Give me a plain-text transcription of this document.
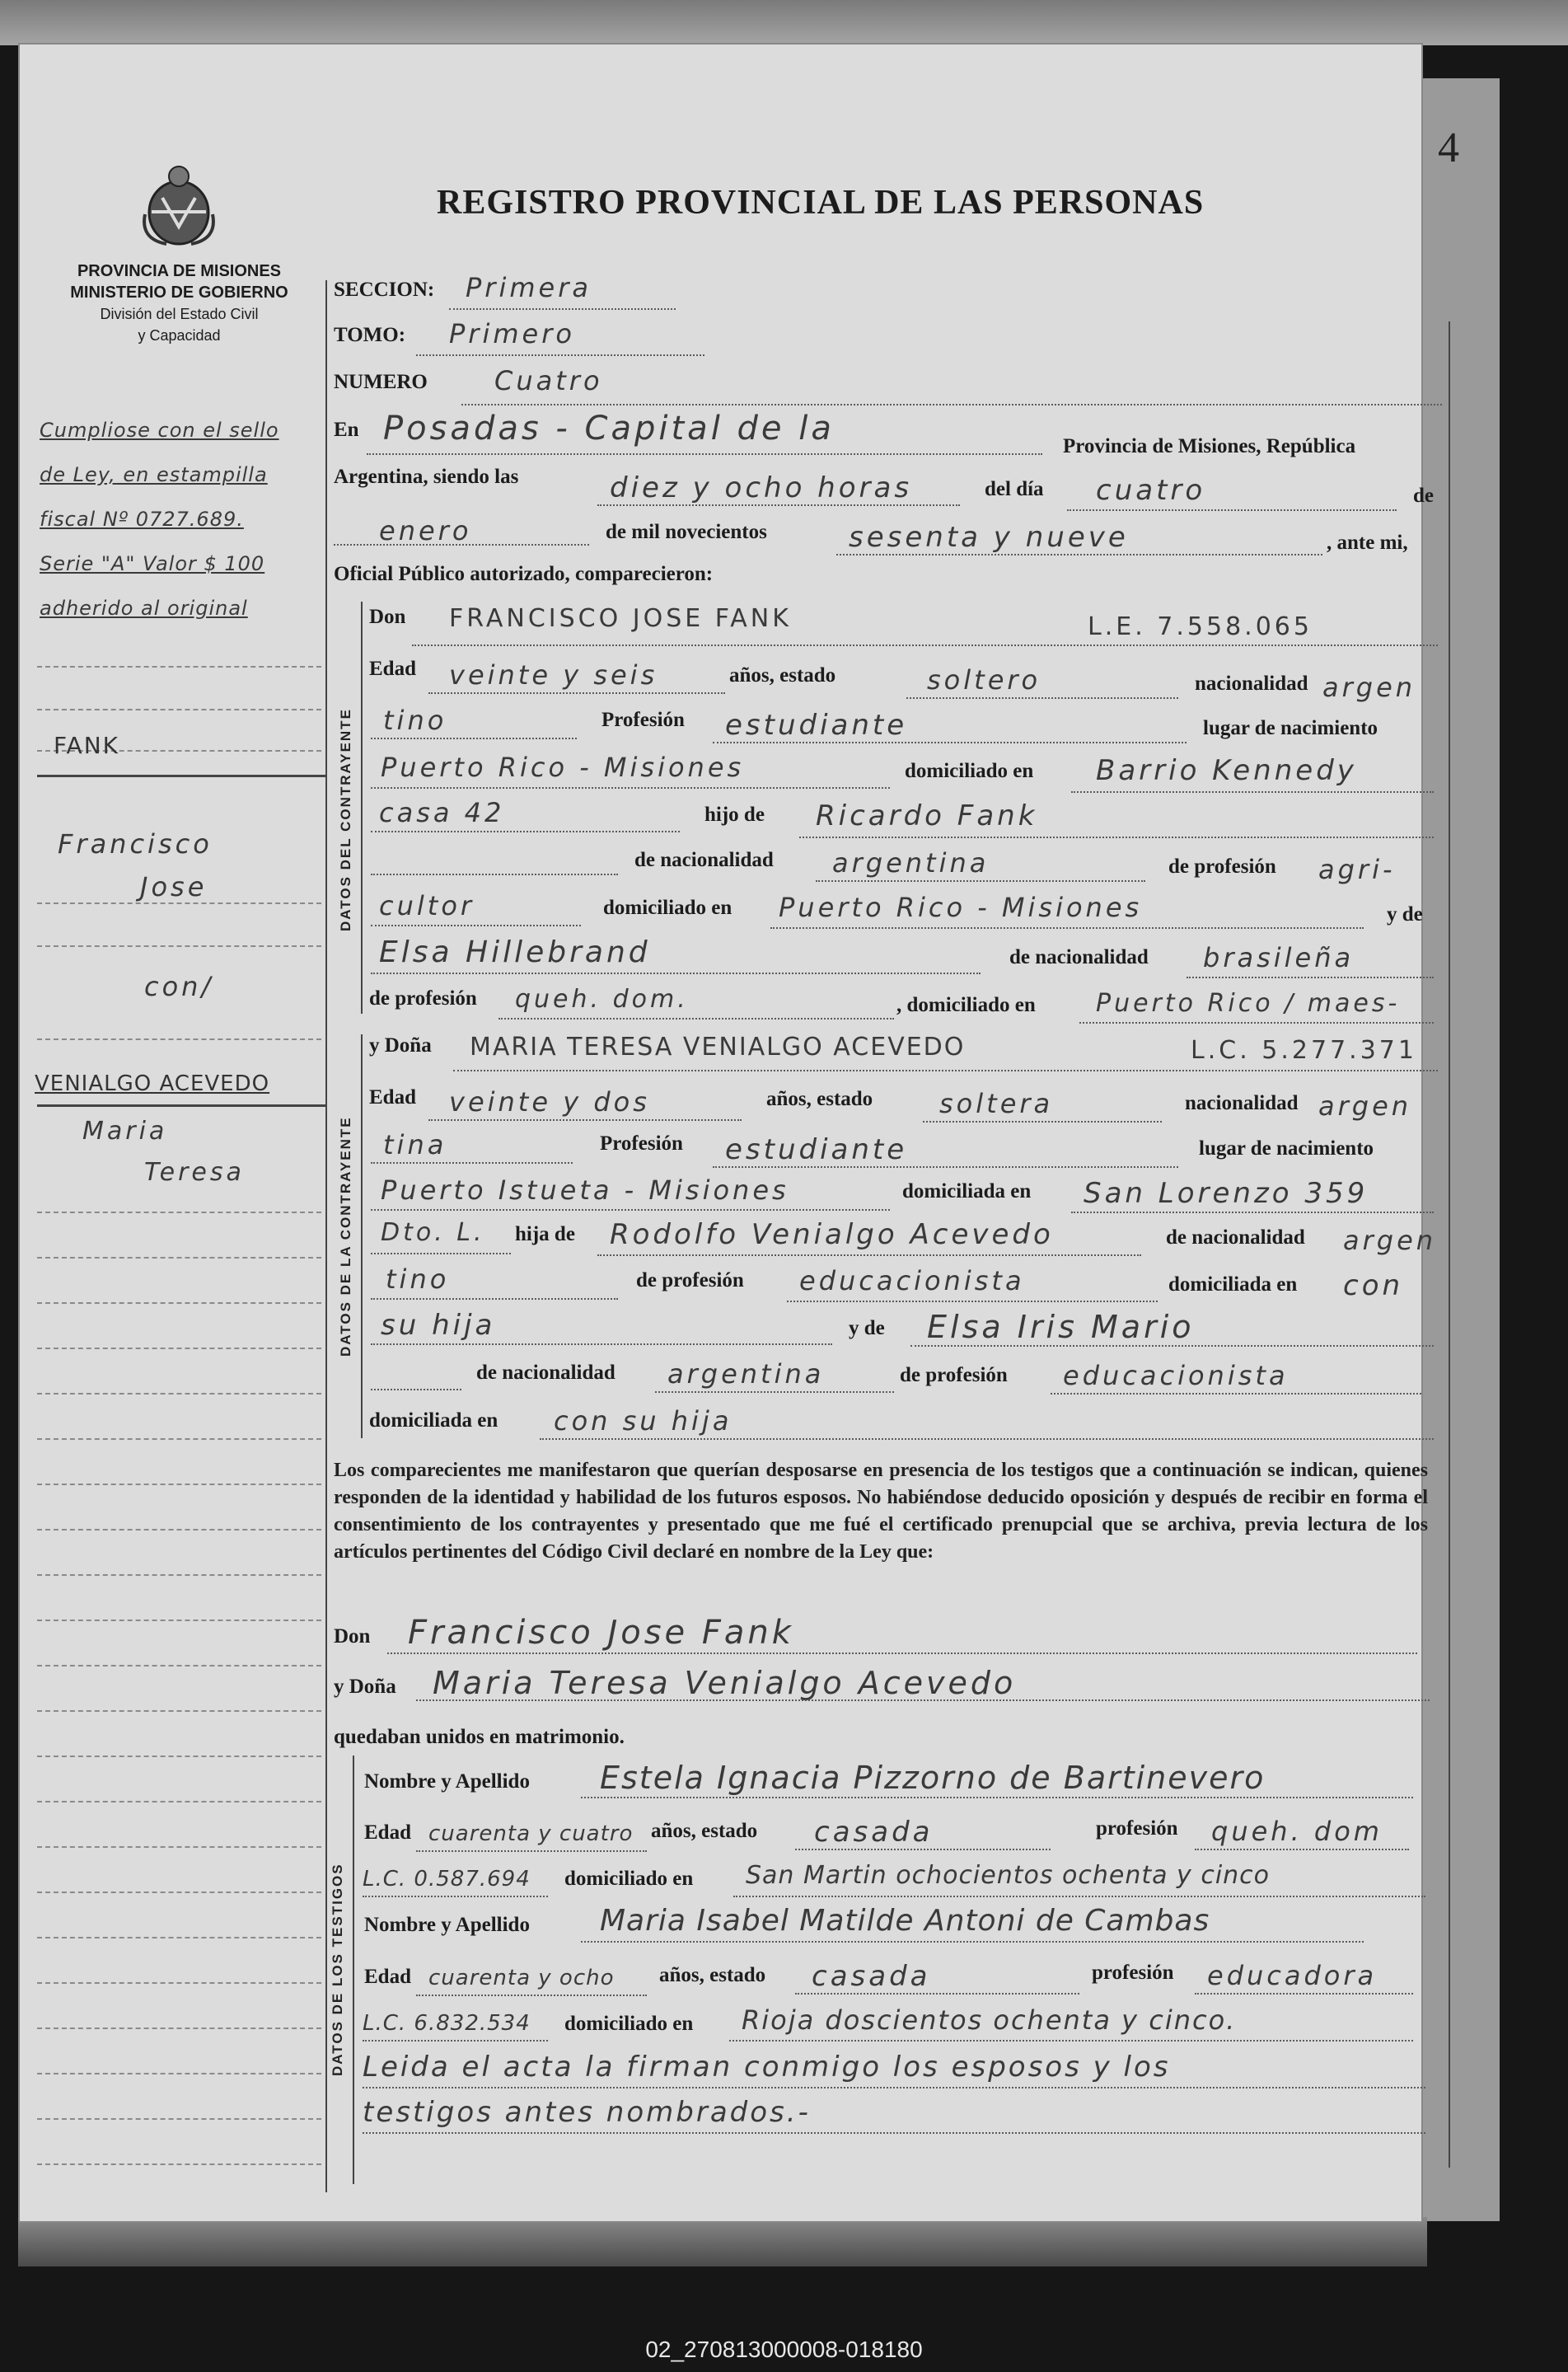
4
REGISTRO PROVINCIAL DE LAS PERSONAS
PROVINCIA DE MISIONES
MINISTERIO DE GOBIERNO
División del Estado Civil
y Capacidad
Cumpliose con el sello
de Ley, en estampilla
fiscal Nº 0727.689.
Serie "A" Valor $ 100
adherido al original
FANK
Francisco
Jose
con/
VENIALGO ACEVEDO
Maria
Teresa
SECCION: Primera
TOMO: Primero
NUMERO	Cuatro
En Posadas - Capital de la	Provincia de Misiones, República
Argentina, siendo las	diez y ocho horas	del día cuatro	de
enero	de mil novecientos	sesenta y nueve	, ante mi,
Oficial Público autorizado, comparecieron:
DATOS DEL CONTRAYENTE
Don FRANCISCO JOSE FANK	L.E. 7.558.065
Edad veinte y seis	años, estado	soltero	nacionalidad argen
tino	Profesión estudiante	lugar de nacimiento
Puerto Rico - Misiones	domiciliado en Barrio Kennedy
casa 42	hijo de Ricardo Fank
de nacionalidad argentina	de profesión agri-
cultor	domiciliado en Puerto Rico - Misiones	y de
Elsa Hillebrand	de nacionalidad brasileña
de profesión queh. dom.	, domiciliado en Puerto Rico / maes-
DATOS DE LA CONTRAYENTE
y Doña MARIA TERESA VENIALGO ACEVEDO	L.C. 5.277.371
Edad veinte y dos	años, estado	soltera	nacionalidad argen
tina	Profesión estudiante	lugar de nacimiento
Puerto Istueta - Misiones	domiciliada en San Lorenzo 359
Dto. L. hija de Rodolfo Venialgo Acevedo	de nacionalidad argen
tino	de profesión educacionista	domiciliada en con
su hija	y de Elsa Iris Mario
de nacionalidad argentina	de profesión educacionista
domiciliada en con su hija
Los comparecientes me manifestaron que querían desposarse en presencia de los testigos que a continuación se indican, quienes responden de la identidad y habilidad de los futuros esposos. No habiéndose deducido oposición y después de recibir en forma el consentimiento de los contrayentes y presentado que me fué el certificado prenupcial que se archiva, previa lectura de los artículos pertinentes del Código Civil declaré en nombre de la Ley que:
Don Francisco Jose Fank
y Doña Maria Teresa Venialgo Acevedo
quedaban unidos en matrimonio.
DATOS DE LOS TESTIGOS
Nombre y Apellido Estela Ignacia Pizzorno de Bartinevero
Edad cuarenta y cuatro años, estado casada	profesión queh. dom
L.C. 0.587.694 domiciliado en San Martin ochocientos ochenta y cinco
Nombre y Apellido Maria Isabel Matilde Antoni de Cambas
Edad cuarenta y ocho años, estado casada	profesión educadora
L.C. 6.832.534 domiciliado en Rioja doscientos ochenta y cinco.
Leida el acta la firman conmigo los esposos y los
testigos antes nombrados.-
02_270813000008-018180
